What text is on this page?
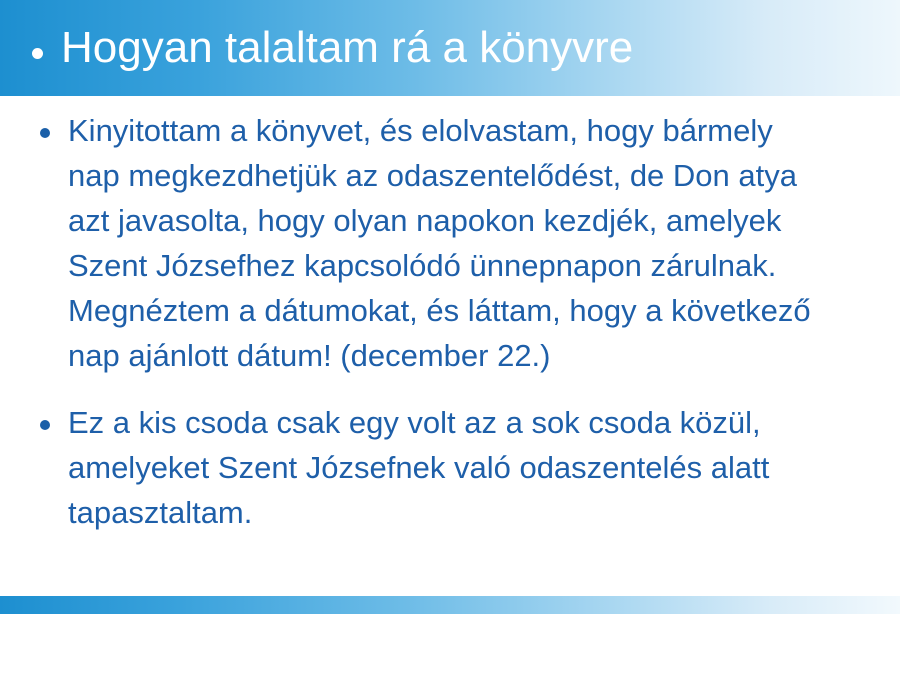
Hogyan talaltam rá a könyvre
Kinyitottam a könyvet, és elolvastam, hogy bármely nap megkezdhetjük az odaszentelődést, de Don atya azt javasolta, hogy olyan napokon kezdjék, amelyek Szent Józsefhez kapcsolódó ünnepnapon zárulnak. Megnéztem a dátumokat, és láttam, hogy a következő nap ajánlott dátum! (december 22.)
Ez a kis csoda csak egy volt az a sok csoda közül, amelyeket Szent Józsefnek való odaszentelés alatt tapasztaltam.
